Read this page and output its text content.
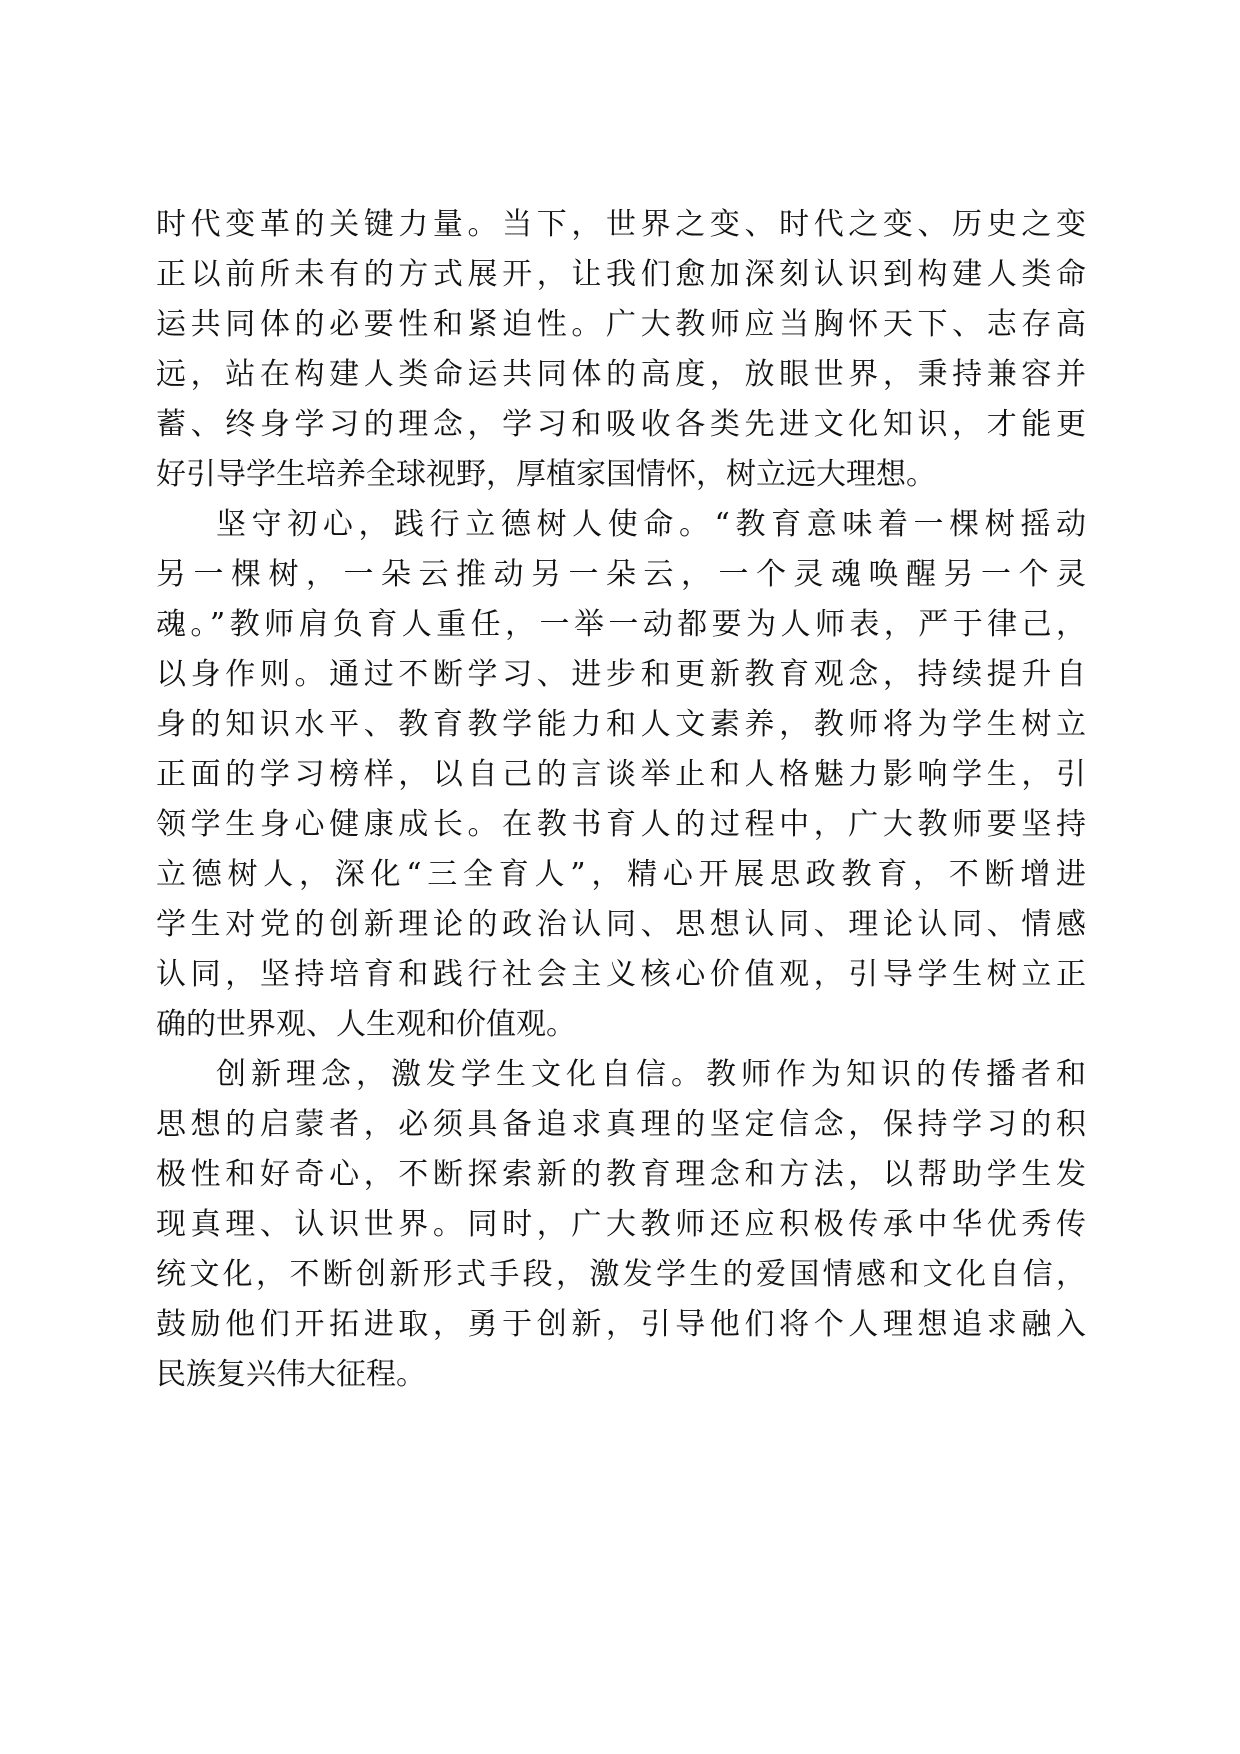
时代变革的关键力量。当下，世界之变、时代之变、历史之变
正以前所未有的方式展开，让我们愈加深刻认识到构建人类命
运共同体的必要性和紧迫性。广大教师应当胸怀天下、志存高
远，站在构建人类命运共同体的高度，放眼世界，秉持兼容并
蓄、终身学习的理念，学习和吸收各类先进文化知识，才能更
好引导学生培养全球视野，厚植家国情怀，树立远大理想。
坚守初心，践行立德树人使命。“教育意味着一棵树摇动
另一棵树，一朵云推动另一朵云，一个灵魂唤醒另一个灵
魂。”教师肩负育人重任，一举一动都要为人师表，严于律己，
以身作则。通过不断学习、进步和更新教育观念，持续提升自
身的知识水平、教育教学能力和人文素养，教师将为学生树立
正面的学习榜样，以自己的言谈举止和人格魅力影响学生，引
领学生身心健康成长。在教书育人的过程中，广大教师要坚持
立德树人，深化“三全育人”，精心开展思政教育，不断增进
学生对党的创新理论的政治认同、思想认同、理论认同、情感
认同，坚持培育和践行社会主义核心价值观，引导学生树立正
确的世界观、人生观和价值观。
创新理念，激发学生文化自信。教师作为知识的传播者和
思想的启蒙者，必须具备追求真理的坚定信念，保持学习的积
极性和好奇心，不断探索新的教育理念和方法，以帮助学生发
现真理、认识世界。同时，广大教师还应积极传承中华优秀传
统文化，不断创新形式手段，激发学生的爱国情感和文化自信，
鼓励他们开拓进取，勇于创新，引导他们将个人理想追求融入
民族复兴伟大征程。
